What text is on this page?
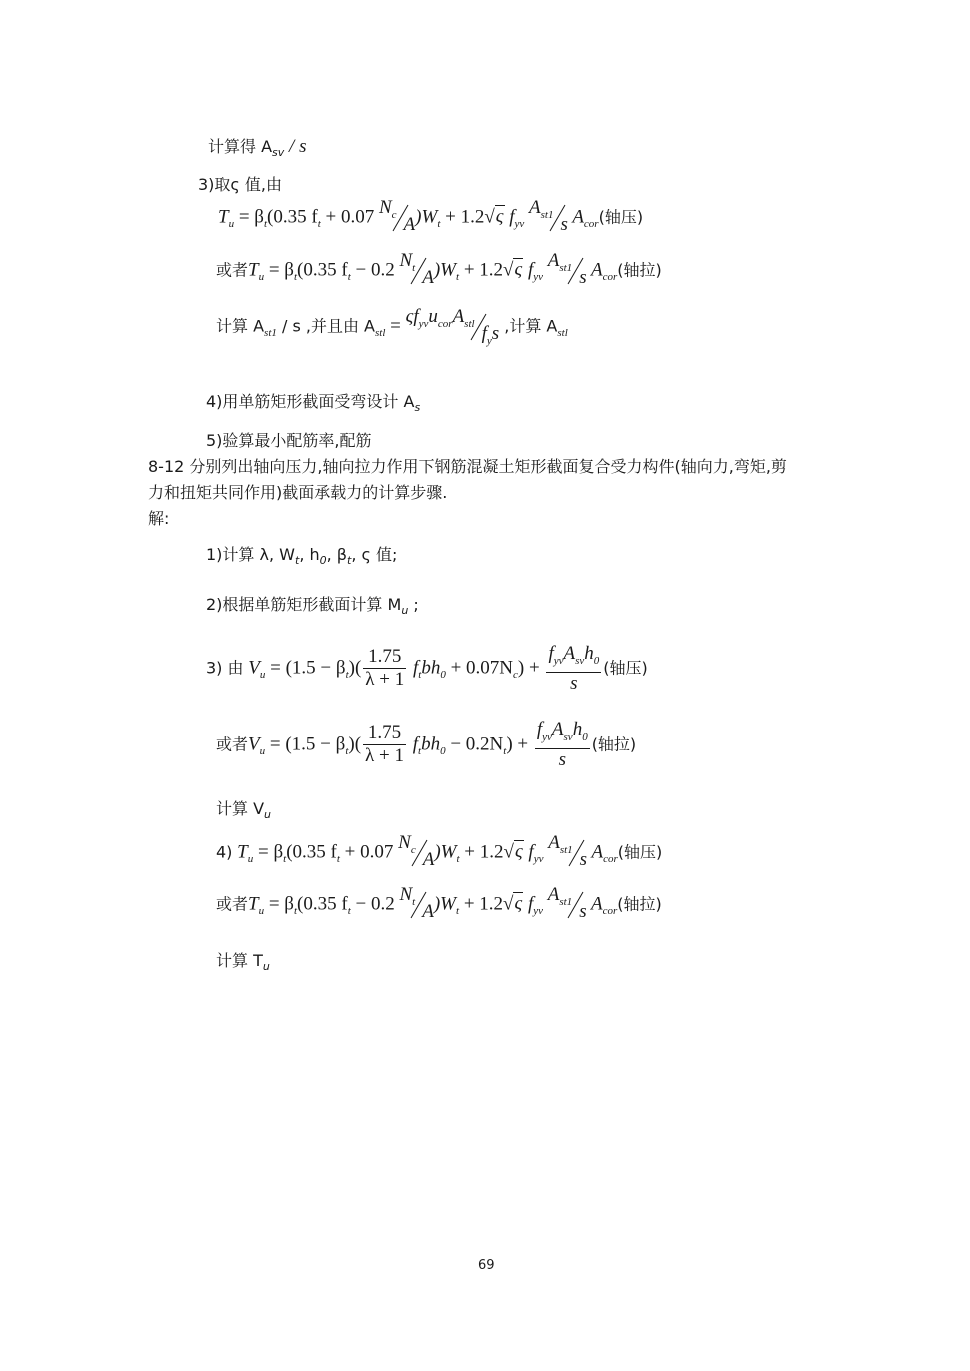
计算得 $A_{sv}$ / s
3)取ς 值,由
$T_u = \beta_t(0.35$ $f_t + 0.07$ $N_c$ $A)W_t + 1.2√\varsigma$ $f_{yv}$ $A_{st1}$ s $A_{cor}$(轴压)
或者$T_u = \beta_t(0.35$ $f_t - 0.2$ $N_t$ $A)W_t + 1.2√\varsigma$ $f_{yv}$ $A_{st1}$ s $A_{cor}$(轴拉)
计算 $A_{st1}$ / s ,并且由 $A_{stl} = \varsigma f_{yv}u_{cor}A_{stl}$ $f_ys$ ,计算 $A_{stl}$
4)用单筋矩形截面受弯设计 $A_s$
5)验算最小配筋率,配筋
8-12 分别列出轴向压力,轴向拉力作用下钢筋混凝土矩形截面复合受力构件(轴向力,弯矩,剪
力和扭矩共同作用)截面承载力的计算步骤.
解:
1)计算 λ, $W_t$, $h_0$, $\beta_t$, ς 值;
2)根据单筋矩形截面计算 $M_u$ ;
3) 由 $V_u = (1.5 - \beta_t)( \frac{1.75}{\lambda + 1} f_tbh_0 + 0.07N_c) + \frac{f_{yv}A_{sv}h_0}{s}$ (轴压)
或者$V_u = (1.5 - \beta_t)( \frac{1.75}{\lambda + 1} f_tbh_0 - 0.2N_t) + \frac{f_{yv}A_{sv}h_0}{s}$ (轴拉)
计算 $V_u$
4) $T_u = \beta_t(0.35$ $f_t + 0.07$ $N_c$ $A)W_t + 1.2√\varsigma$ $f_{yv}$ $A_{st1}$ s $A_{cor}$(轴压)
或者$T_u = \beta_t(0.35$ $f_t - 0.2$ $N_t$ $A)W_t + 1.2√\varsigma$ $f_{yv}$ $A_{st1}$ s $A_{cor}$(轴拉)
计算 $T_u$
69
